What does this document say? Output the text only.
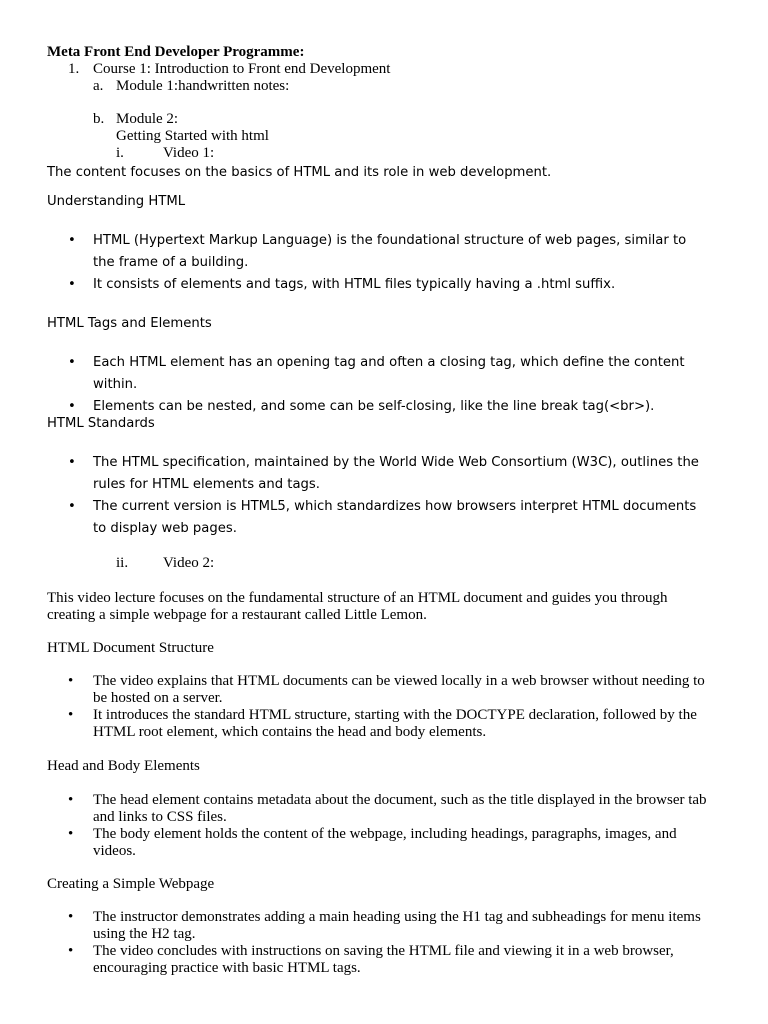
Meta Front End Developer Programme:
1. Course 1: Introduction to Front end Development
a. Module 1:handwritten notes:
b. Module 2:
Getting Started with html
i.	Video 1:
The content focuses on the basics of HTML and its role in web development.
Understanding HTML
• HTML (Hypertext Markup Language) is the foundational structure of web pages, similar to the frame of a building.
• It consists of elements and tags, with HTML files typically having a .html suffix.
HTML Tags and Elements
• Each HTML element has an opening tag and often a closing tag, which define the content within.
• Elements can be nested, and some can be self-closing, like the line break tag(<br>).
HTML Standards
• The HTML specification, maintained by the World Wide Web Consortium (W3C), outlines the rules for HTML elements and tags.
• The current version is HTML5, which standardizes how browsers interpret HTML documents to display web pages.
ii. Video 2:
This video lecture focuses on the fundamental structure of an HTML document and guides you through creating a simple webpage for a restaurant called Little Lemon.
HTML Document Structure
• The video explains that HTML documents can be viewed locally in a web browser without needing to be hosted on a server.
• It introduces the standard HTML structure, starting with the DOCTYPE declaration, followed by the HTML root element, which contains the head and body elements.
Head and Body Elements
• The head element contains metadata about the document, such as the title displayed in the browser tab and links to CSS files.
• The body element holds the content of the webpage, including headings, paragraphs, images, and videos.
Creating a Simple Webpage
• The instructor demonstrates adding a main heading using the H1 tag and subheadings for menu items using the H2 tag.
• The video concludes with instructions on saving the HTML file and viewing it in a web browser, encouraging practice with basic HTML tags.
